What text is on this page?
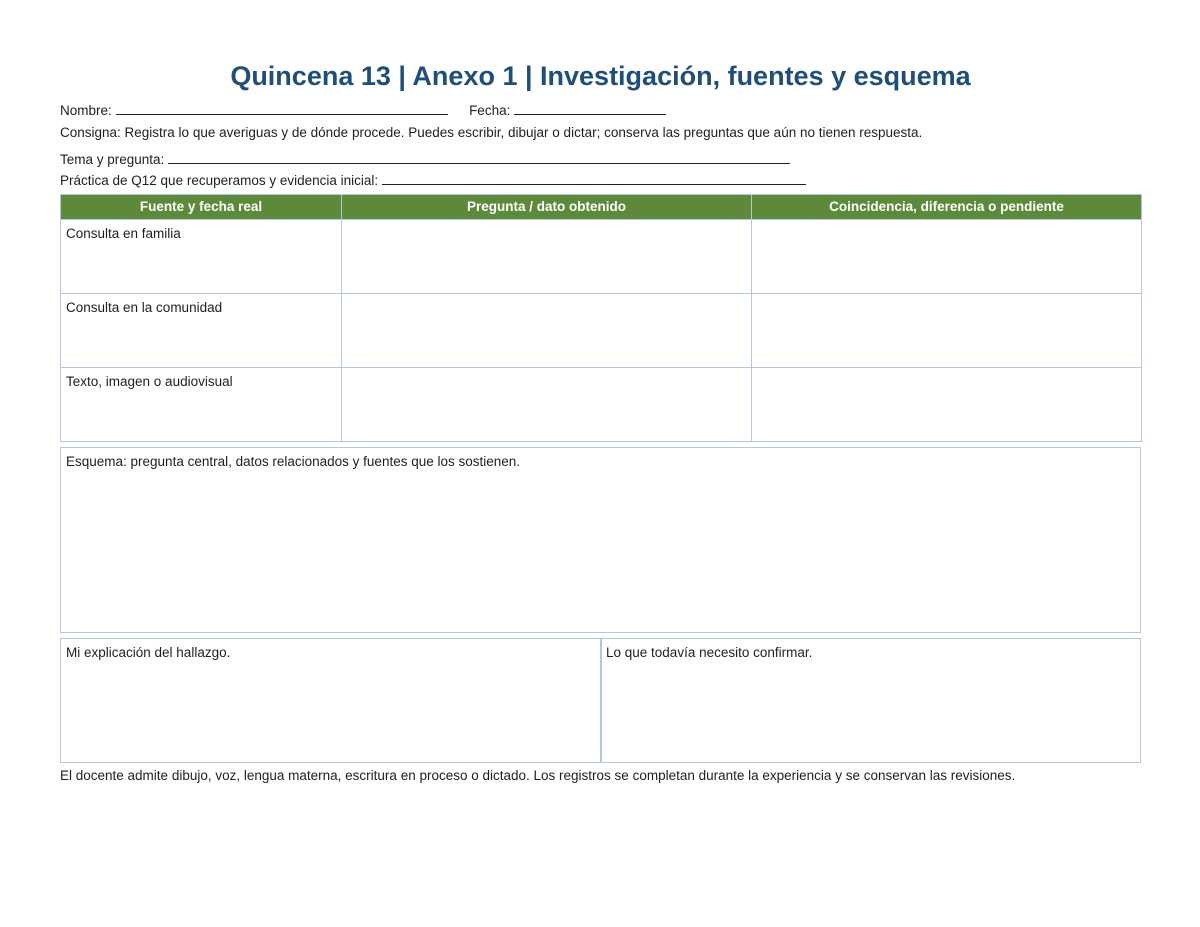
Quincena 13 | Anexo 1 | Investigación, fuentes y esquema
Nombre:	Fecha:
Consigna: Registra lo que averiguas y de dónde procede. Puedes escribir, dibujar o dictar; conserva las preguntas que aún no tienen respuesta.
Tema y pregunta:
Práctica de Q12 que recuperamos y evidencia inicial:
Fuente y fecha real	Pregunta / dato obtenido	Coincidencia, diferencia o pendiente

Consulta en familia		

Consulta en la comunidad		

Texto, imagen o audiovisual		

Esquema: pregunta central, datos relacionados y fuentes que los sostienen.
Mi explicación del hallazgo.	Lo que todavía necesito confirmar.
El docente admite dibujo, voz, lengua materna, escritura en proceso o dictado. Los registros se completan durante la experiencia y se conservan las revisiones.
